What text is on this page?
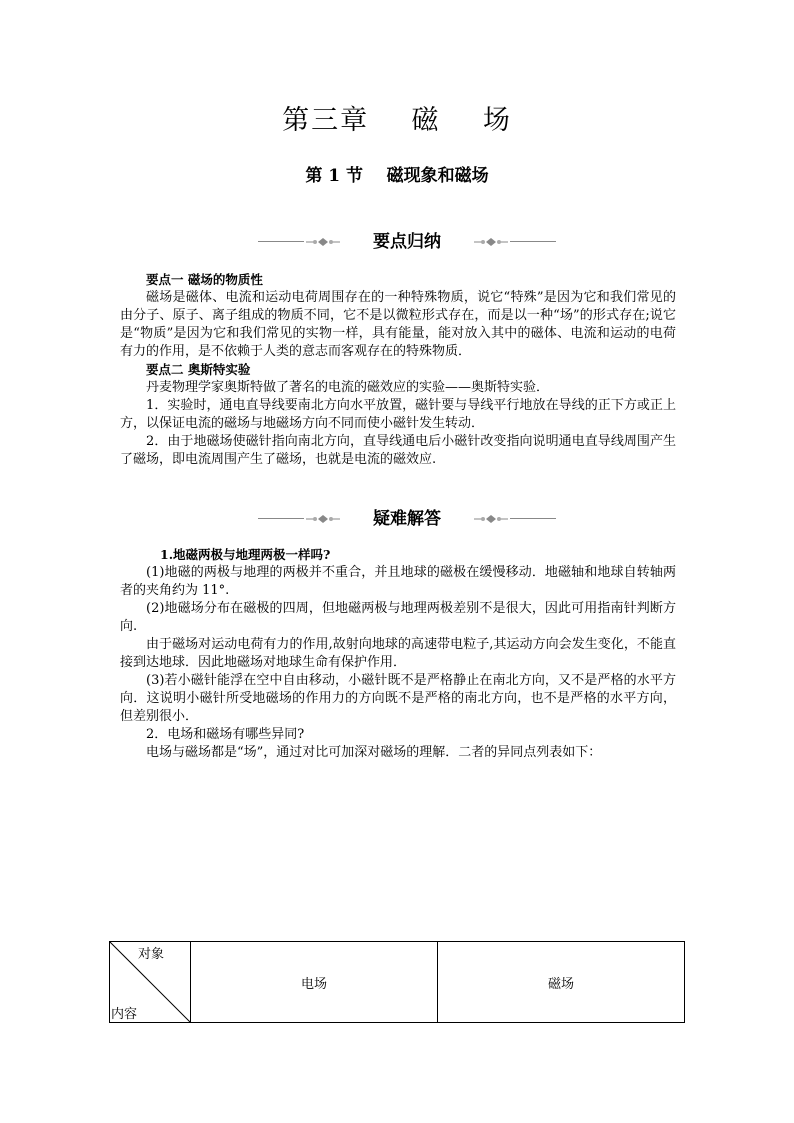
第三章    磁    场
第 1 节    磁现象和磁场
要点归纳

要点一 磁场的物质性

磁场是磁体、电流和运动电荷周围存在的一种特殊物质，说它“特殊”是因为它和我们常见的由分子、原子、离子组成的物质不同，它不是以微粒形式存在，而是以一种“场”的形式存在;说它是“物质”是因为它和我们常见的实物一样，具有能量，能对放入其中的磁体、电流和运动的电荷有力的作用，是不依赖于人类的意志而客观存在的特殊物质．

要点二 奥斯特实验

丹麦物理学家奥斯特做了著名的电流的磁效应的实验——奥斯特实验．

1．实验时，通电直导线要南北方向水平放置，磁针要与导线平行地放在导线的正下方或正上方，以保证电流的磁场与地磁场方向不同而使小磁针发生转动．

2．由于地磁场使磁针指向南北方向，直导线通电后小磁针改变指向说明通电直导线周围产生了磁场，即电流周围产生了磁场，也就是电流的磁效应.

疑难解答

1.地磁两极与地理两极一样吗?

(1)地磁的两极与地理的两极并不重合，并且地球的磁极在缓慢移动．地磁轴和地球自转轴两者的夹角约为 11°.

(2)地磁场分布在磁极的四周，但地磁两极与地理两极差别不是很大，因此可用指南针判断方向.

由于磁场对运动电荷有力的作用,故射向地球的高速带电粒子,其运动方向会发生变化，不能直接到达地球．因此地磁场对地球生命有保护作用．

(3)若小磁针能浮在空中自由移动，小磁针既不是严格静止在南北方向，又不是严格的水平方向．这说明小磁针所受地磁场的作用力的方向既不是严格的南北方向，也不是严格的水平方向，但差别很小．

2．电场和磁场有哪些异同?

电场与磁场都是“场”，通过对比可加深对磁场的理解．二者的异同点列表如下：

对象
内容
	电场	磁场
